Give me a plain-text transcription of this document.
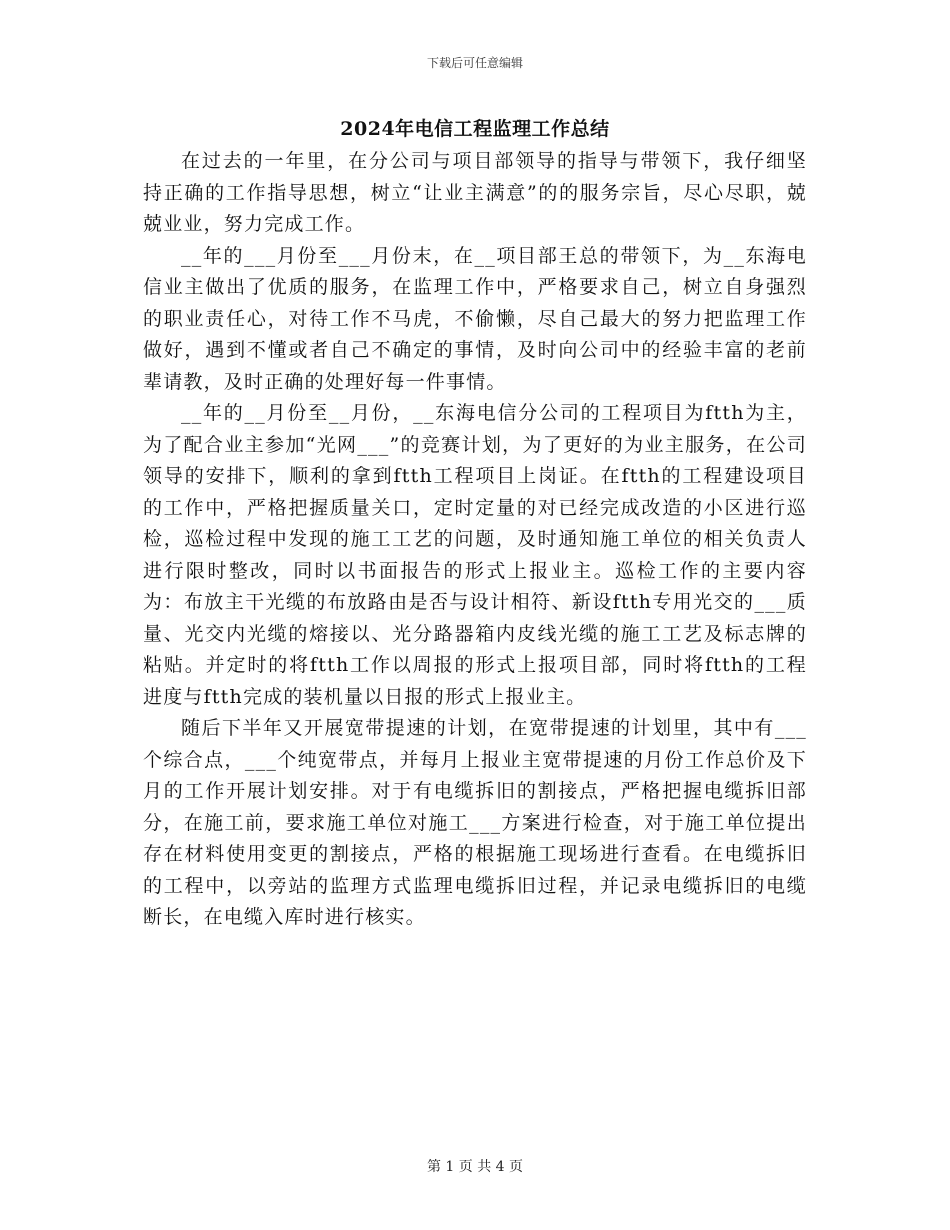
下载后可任意编辑
2024年电信工程监理工作总结

在过去的一年里，在分公司与项目部领导的指导与带领下，我仔细坚持正确的工作指导思想，树立“让业主满意”的的服务宗旨，尽心尽职，兢兢业业，努力完成工作。

__年的___月份至___月份末，在__项目部王总的带领下，为__东海电信业主做出了优质的服务，在监理工作中，严格要求自己，树立自身强烈的职业责任心，对待工作不马虎，不偷懒，尽自己最大的努力把监理工作做好，遇到不懂或者自己不确定的事情，及时向公司中的经验丰富的老前辈请教，及时正确的处理好每一件事情。

__年的__月份至__月份，__东海电信分公司的工程项目为ftth为主，为了配合业主参加“光网___”的竞赛计划，为了更好的为业主服务，在公司领导的安排下，顺利的拿到ftth工程项目上岗证。在ftth的工程建设项目的工作中，严格把握质量关口，定时定量的对已经完成改造的小区进行巡检，巡检过程中发现的施工工艺的问题，及时通知施工单位的相关负责人进行限时整改，同时以书面报告的形式上报业主。巡检工作的主要内容为：布放主干光缆的布放路由是否与设计相符、新设ftth专用光交的___质量、光交内光缆的熔接以、光分路器箱内皮线光缆的施工工艺及标志牌的粘贴。并定时的将ftth工作以周报的形式上报项目部，同时将ftth的工程进度与ftth完成的装机量以日报的形式上报业主。

随后下半年又开展宽带提速的计划，在宽带提速的计划里，其中有___个综合点，___个纯宽带点，并每月上报业主宽带提速的月份工作总价及下月的工作开展计划安排。对于有电缆拆旧的割接点，严格把握电缆拆旧部分，在施工前，要求施工单位对施工___方案进行检查，对于施工单位提出存在材料使用变更的割接点，严格的根据施工现场进行查看。在电缆拆旧的工程中，以旁站的监理方式监理电缆拆旧过程，并记录电缆拆旧的电缆断长，在电缆入库时进行核实。

第 1 页 共 4 页
